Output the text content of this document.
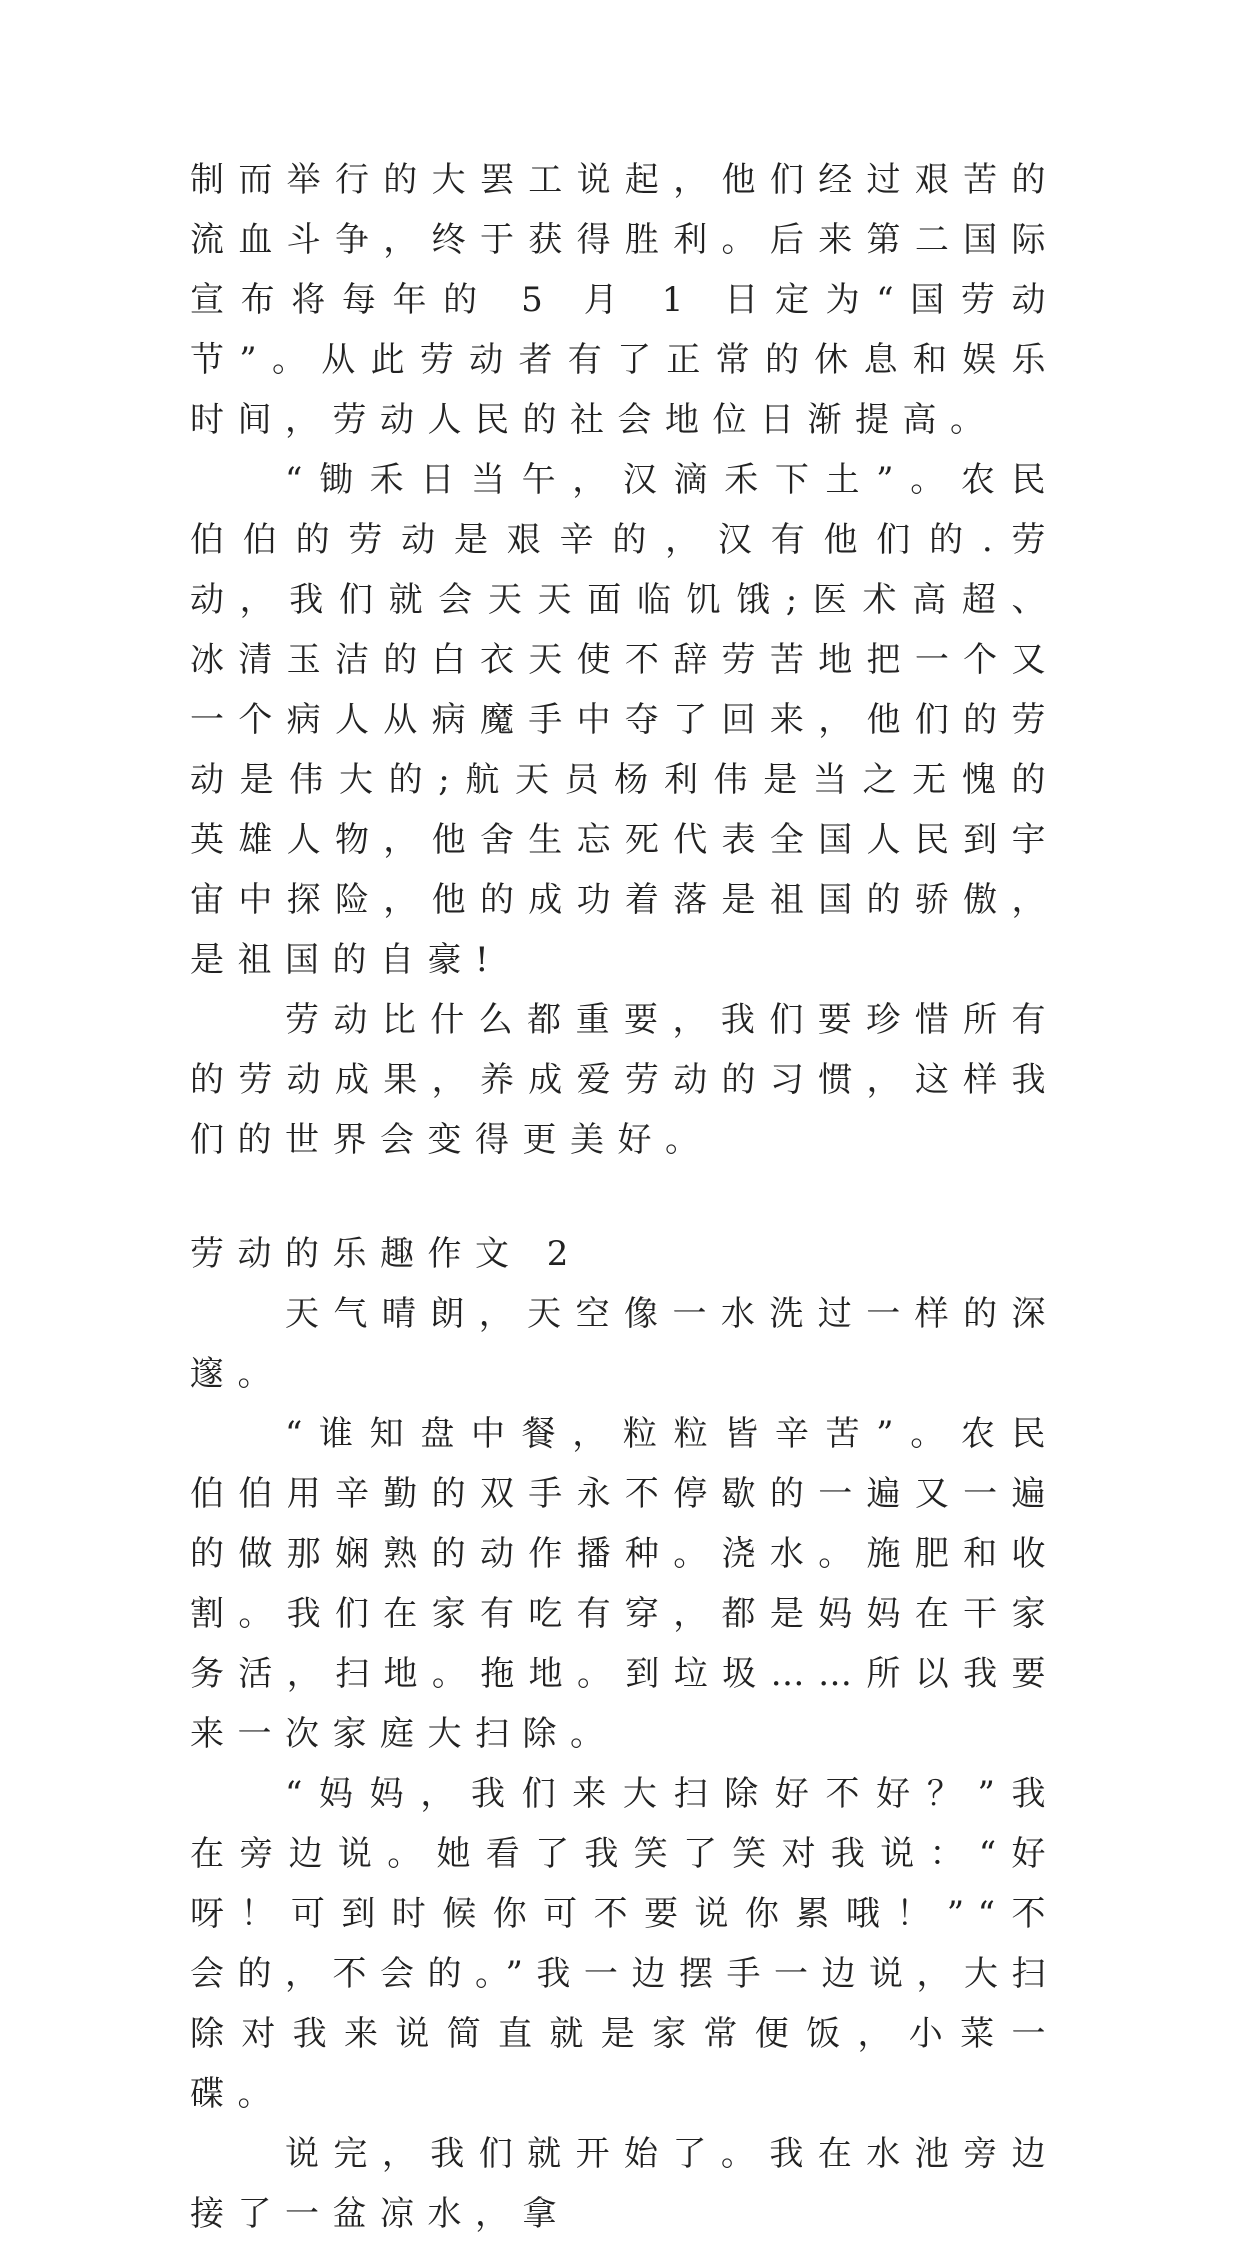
制而举行的大罢工说起，他们经过艰苦的流血斗争，终于获得胜利。后来第二国际宣布将每年的 5 月 1 日定为“国劳动节”。从此劳动者有了正常的休息和娱乐时间，劳动人民的社会地位日渐提高。

“锄禾日当午，汉滴禾下土”。农民伯伯的劳动是艰辛的，汉有他们的.劳动，我们就会天天面临饥饿;医术高超、冰清玉洁的白衣天使不辞劳苦地把一个又一个病人从病魔手中夺了回来，他们的劳动是伟大的;航天员杨利伟是当之无愧的英雄人物，他舍生忘死代表全国人民到宇宙中探险，他的成功着落是祖国的骄傲，是祖国的自豪!

劳动比什么都重要，我们要珍惜所有的劳动成果，养成爱劳动的习惯，这样我们的世界会变得更美好。

劳动的乐趣作文 2

天气晴朗，天空像一水洗过一样的深邃。

“谁知盘中餐，粒粒皆辛苦”。农民伯伯用辛勤的双手永不停歇的一遍又一遍的做那娴熟的动作播种。浇水。施肥和收割。我们在家有吃有穿，都是妈妈在干家务活，扫地。拖地。到垃圾……所以我要来一次家庭大扫除。

“妈妈，我们来大扫除好不好？”我在旁边说。她看了我笑了笑对我说：“好呀！可到时候你可不要说你累哦！”“不会的，不会的。”我一边摆手一边说，大扫除对我来说简直就是家常便饭，小菜一碟。

说完，我们就开始了。我在水池旁边接了一盆凉水，拿
